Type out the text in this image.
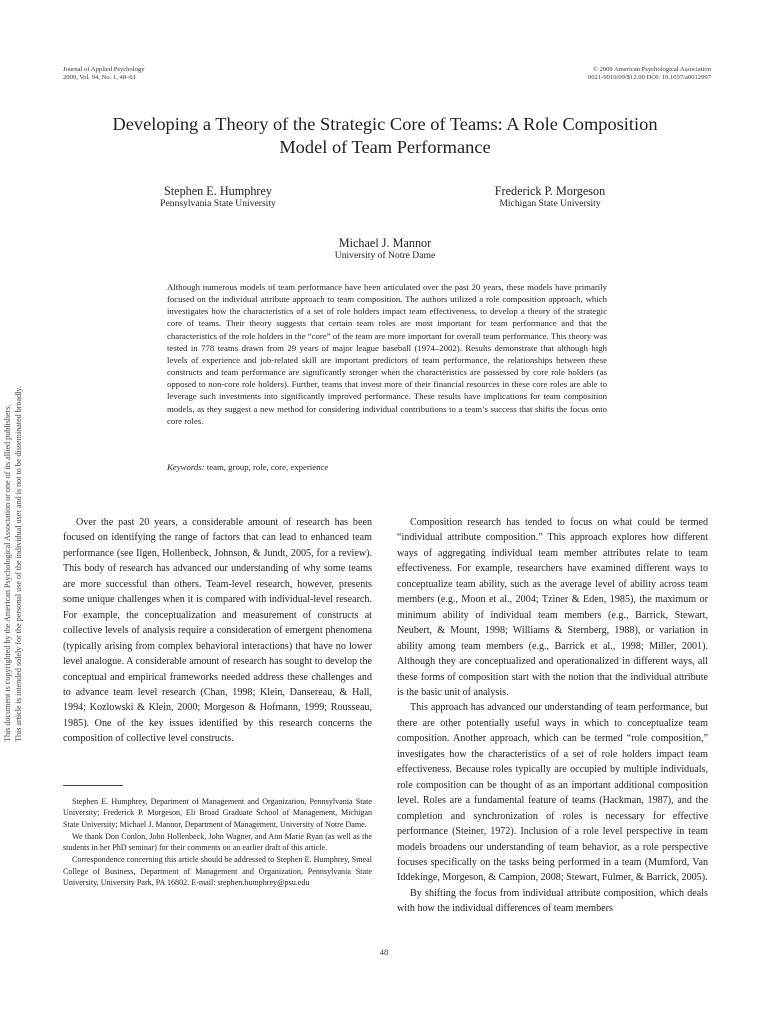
This document is copyrighted by the American Psychological Association or one of its allied publishers. This article is intended solely for the personal use of the individual user and is not to be disseminated broadly.
Journal of Applied Psychology
2009, Vol. 94, No. 1, 48–61
© 2009 American Psychological Association
0021-9010/09/$12.00 DOI: 10.1037/a0012997
Developing a Theory of the Strategic Core of Teams: A Role Composition
Model of Team Performance
Stephen E. Humphrey
Pennsylvania State University
Frederick P. Morgeson
Michigan State University
Michael J. Mannor
University of Notre Dame
Although numerous models of team performance have been articulated over the past 20 years, these models have primarily focused on the individual attribute approach to team composition. The authors utilized a role composition approach, which investigates how the characteristics of a set of role holders impact team effectiveness, to develop a theory of the strategic core of teams. Their theory suggests that certain team roles are most important for team performance and that the characteristics of the role holders in the “core” of the team are more important for overall team performance. This theory was tested in 778 teams drawn from 29 years of major league baseball (1974–2002). Results demonstrate that although high levels of experience and job-related skill are important predictors of team performance, the relationships between these constructs and team performance are significantly stronger when the characteristics are possessed by core role holders (as opposed to non-core role holders). Further, teams that invest more of their financial resources in these core roles are able to leverage such investments into significantly improved performance. These results have implications for team composition models, as they suggest a new method for considering individual contributions to a team’s success that shifts the focus onto core roles.
Keywords: team, group, role, core, experience

Over the past 20 years, a considerable amount of research has been focused on identifying the range of factors that can lead to enhanced team performance (see Ilgen, Hollenbeck, Johnson, & Jundt, 2005, for a review). This body of research has advanced our understanding of why some teams are more successful than others. Team-level research, however, presents some unique challenges when it is compared with individual-level research. For example, the conceptualization and measurement of constructs at collective levels of analysis require a consideration of emergent phenomena (typically arising from complex behavioral interactions) that have no lower level analogue. A considerable amount of research has sought to develop the conceptual and empirical frameworks needed address these challenges and to advance team level research (Chan, 1998; Klein, Dansereau, & Hall, 1994; Kozlowski & Klein, 2000; Morgeson & Hofmann, 1999; Rousseau, 1985). One of the key issues identified by this research concerns the composition of collective level constructs.

Composition research has tended to focus on what could be termed “individual attribute composition.” This approach explores how different ways of aggregating individual team member attributes relate to team effectiveness. For example, researchers have examined different ways to conceptualize team ability, such as the average level of ability across team members (e.g., Moon et al., 2004; Tziner & Eden, 1985), the maximum or minimum ability of individual team members (e.g., Barrick, Stewart, Neubert, & Mount, 1998; Williams & Sternberg, 1988), or variation in ability among team members (e.g., Barrick et al., 1998; Miller, 2001). Although they are conceptualized and operationalized in different ways, all these forms of composition start with the notion that the individual attribute is the basic unit of analysis.

This approach has advanced our understanding of team performance, but there are other potentially useful ways in which to conceptualize team composition. Another approach, which can be termed “role composition,” investigates how the characteristics of a set of role holders impact team effectiveness. Because roles typically are occupied by multiple individuals, role composition can be thought of as an important additional composition level. Roles are a fundamental feature of teams (Hackman, 1987), and the completion and synchronization of roles is necessary for effective performance (Steiner, 1972). Inclusion of a role level perspective in team models broadens our understanding of team behavior, as a role perspective focuses specifically on the tasks being performed in a team (Mumford, Van Iddekinge, Morgeson, & Campion, 2008; Stewart, Fulmer, & Barrick, 2005).

By shifting the focus from individual attribute composition, which deals with how the individual differences of team members

Stephen E. Humphrey, Department of Management and Organization, Pennsylvania State University; Frederick P. Morgeson, Eli Broad Graduate School of Management, Michigan State University; Michael J. Mannor, Department of Management, University of Notre Dame.

We thank Don Conlon, John Hollenbeck, John Wagner, and Ann Marie Ryan (as well as the students in her PhD seminar) for their comments on an earlier draft of this article.

Correspondence concerning this article should be addressed to Stephen E. Humphrey, Smeal College of Business, Department of Management and Organization, Pennsylvania State University, University Park, PA 16802. E-mail: stephen.humphrey@psu.edu

48
